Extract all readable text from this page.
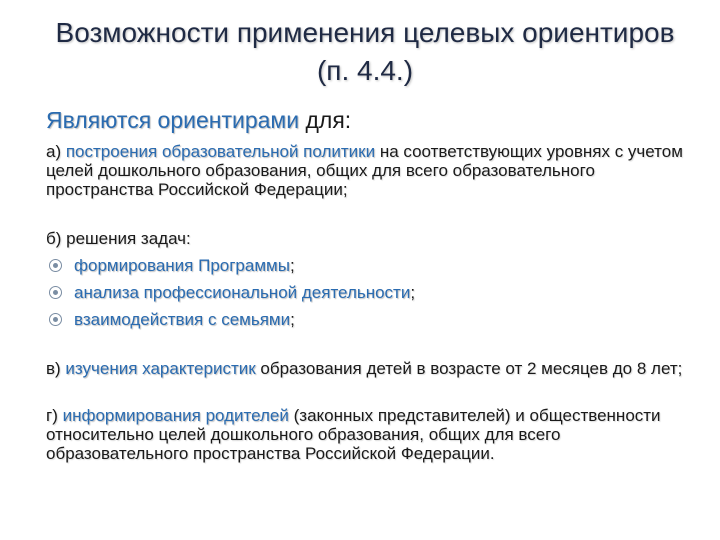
Возможности применения целевых ориентиров
(п. 4.4.)

Являются ориентирами для:

а) построения образовательной политики на соответствующих уровнях с учетом целей дошкольного образования, общих для всего образовательного пространства Российской Федерации;

б) решения задач:

формирования Программы;
анализа профессиональной деятельности;
взаимодействия с семьями;

в) изучения характеристик образования детей в возрасте от 2 месяцев до 8 лет;

г) информирования родителей (законных представителей) и общественности относительно целей дошкольного образования, общих для всего образовательного пространства Российской Федерации.
